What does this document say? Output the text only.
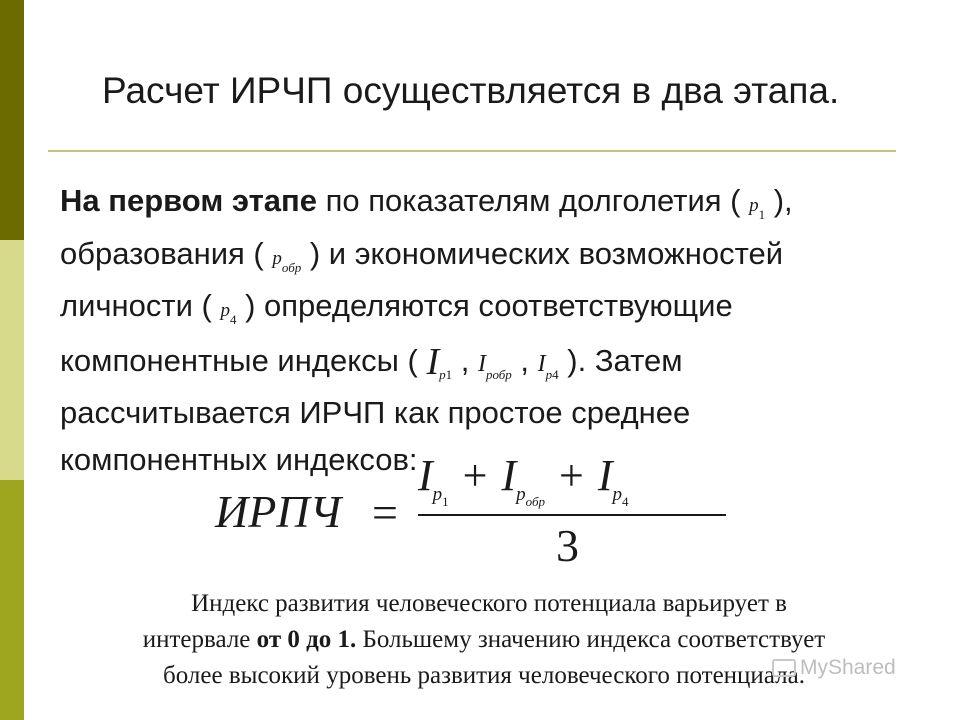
Расчет ИРЧП осуществляется в два этапа.
На первом этапе по показателям долголетия ( $p_1$ ),
образования ( $p_{обр}$ ) и экономических возможностей
личности ( $p_4$ ) определяются соответствующие
компонентные индексы ( $I_{p1}$ , $I_{pобр}$ , $I_{p4}$ ). Затем
рассчитывается ИРЧП как простое среднее
компонентных индексов:
ИРПЧ =
$I_{p1}+ I_{pобр}+ I_{p4}$
3
Индекс развития человеческого потенциала варьирует в
интервале от 0 до 1. Большему значению индекса соответствует
более высокий уровень развития человеческого потенциала.
MyShared
